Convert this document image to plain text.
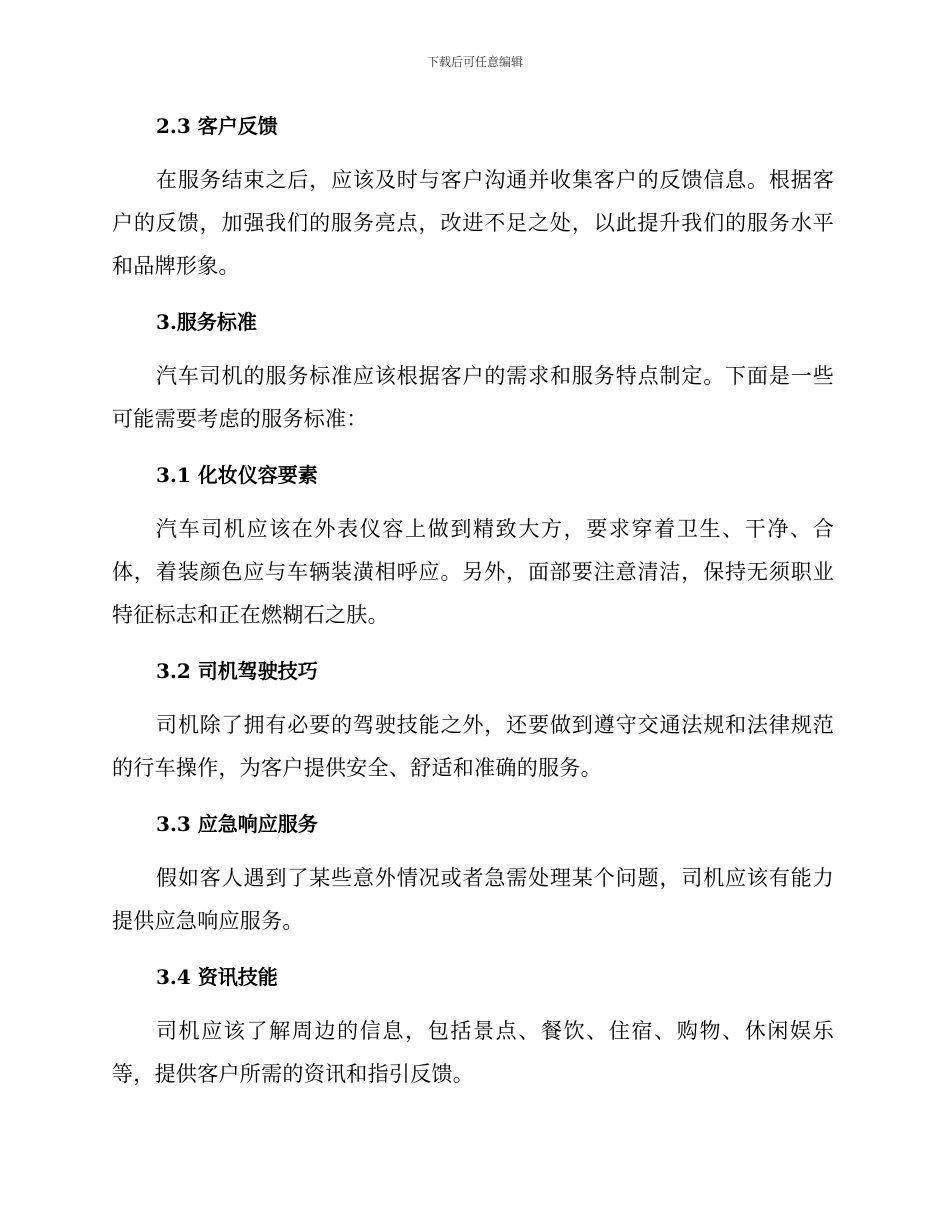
下载后可任意编辑
2.3 客户反馈

在服务结束之后，应该及时与客户沟通并收集客户的反馈信息。根据客户的反馈，加强我们的服务亮点，改进不足之处，以此提升我们的服务水平和品牌形象。

3.服务标准

汽车司机的服务标准应该根据客户的需求和服务特点制定。下面是一些可能需要考虑的服务标准：

3.1 化妆仪容要素

汽车司机应该在外表仪容上做到精致大方，要求穿着卫生、干净、合体，着装颜色应与车辆装潢相呼应。另外，面部要注意清洁，保持无须职业特征标志和正在燃糊石之肤。

3.2 司机驾驶技巧

司机除了拥有必要的驾驶技能之外，还要做到遵守交通法规和法律规范的行车操作，为客户提供安全、舒适和准确的服务。

3.3 应急响应服务

假如客人遇到了某些意外情况或者急需处理某个问题，司机应该有能力提供应急响应服务。

3.4 资讯技能

司机应该了解周边的信息，包括景点、餐饮、住宿、购物、休闲娱乐等，提供客户所需的资讯和指引反馈。
